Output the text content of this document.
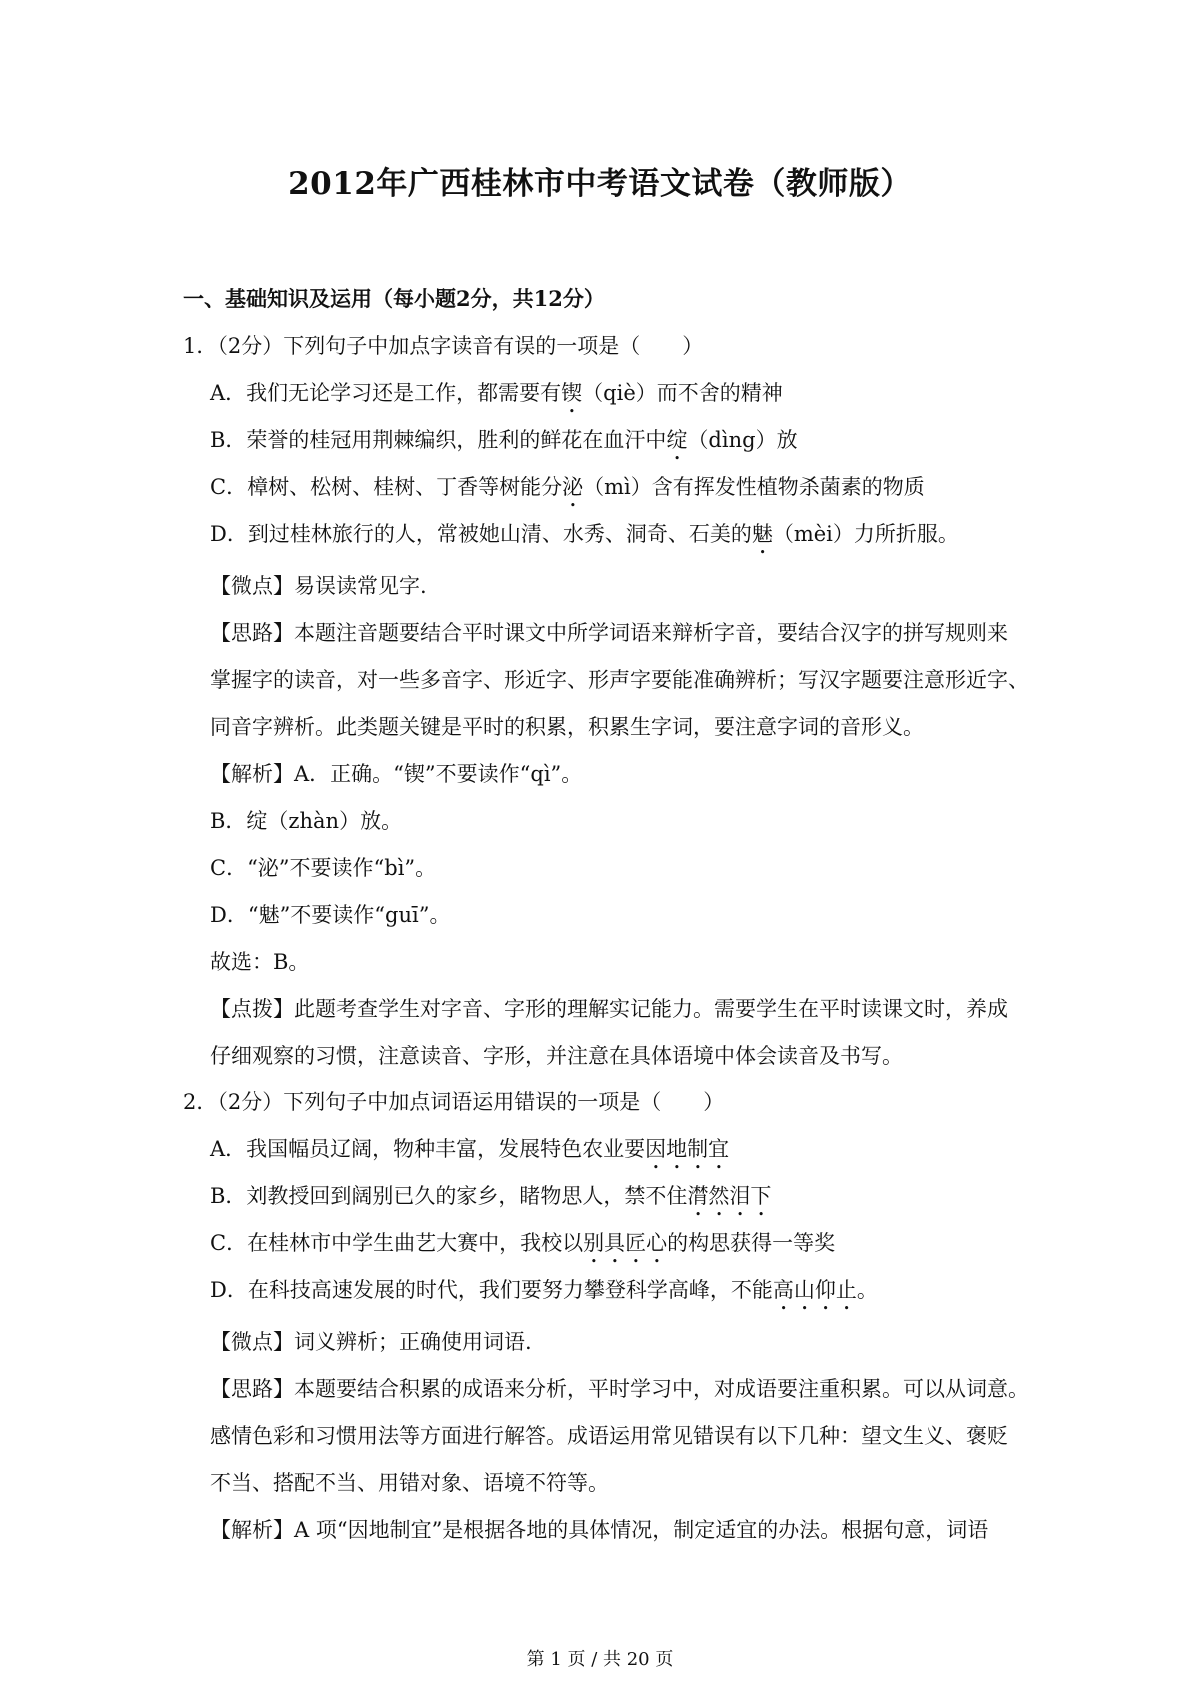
2012年广西桂林市中考语文试卷（教师版）
一、基础知识及运用（每小题2分，共12分）
1．（2分）下列句子中加点字读音有误的一项是（　　）
A．我们无论学习还是工作，都需要有锲（qiè）而不舍的精神
B．荣誉的桂冠用荆棘编织，胜利的鲜花在血汗中绽（dìng）放
C．樟树、松树、桂树、丁香等树能分泌（mì）含有挥发性植物杀菌素的物质
D．到过桂林旅行的人，常被她山清、水秀、洞奇、石美的魅（mèi）力所折服。
【微点】易误读常见字.
【思路】本题注音题要结合平时课文中所学词语来辩析字音，要结合汉字的拼写规则来
掌握字的读音，对一些多音字、形近字、形声字要能准确辨析；写汉字题要注意形近字、
同音字辨析。此类题关键是平时的积累，积累生字词，要注意字词的音形义。
【解析】A．正确。“锲”不要读作“qì”。
B．绽（zhàn）放。
C．“泌”不要读作“bì”。
D．“魅”不要读作“guī”。
故选：B。
【点拨】此题考查学生对字音、字形的理解实记能力。需要学生在平时读课文时，养成
仔细观察的习惯，注意读音、字形，并注意在具体语境中体会读音及书写。
2．（2分）下列句子中加点词语运用错误的一项是（　　）
A．我国幅员辽阔，物种丰富，发展特色农业要因地制宜
B．刘教授回到阔别已久的家乡，睹物思人，禁不住潸然泪下
C．在桂林市中学生曲艺大赛中，我校以别具匠心的构思获得一等奖
D．在科技高速发展的时代，我们要努力攀登科学高峰，不能高山仰止。
【微点】词义辨析；正确使用词语.
【思路】本题要结合积累的成语来分析，平时学习中，对成语要注重积累。可以从词意。
感情色彩和习惯用法等方面进行解答。成语运用常见错误有以下几种：望文生义、褒贬
不当、搭配不当、用错对象、语境不符等。
【解析】A 项“因地制宜”是根据各地的具体情况，制定适宜的办法。根据句意，词语
第 1 页 / 共 20 页
